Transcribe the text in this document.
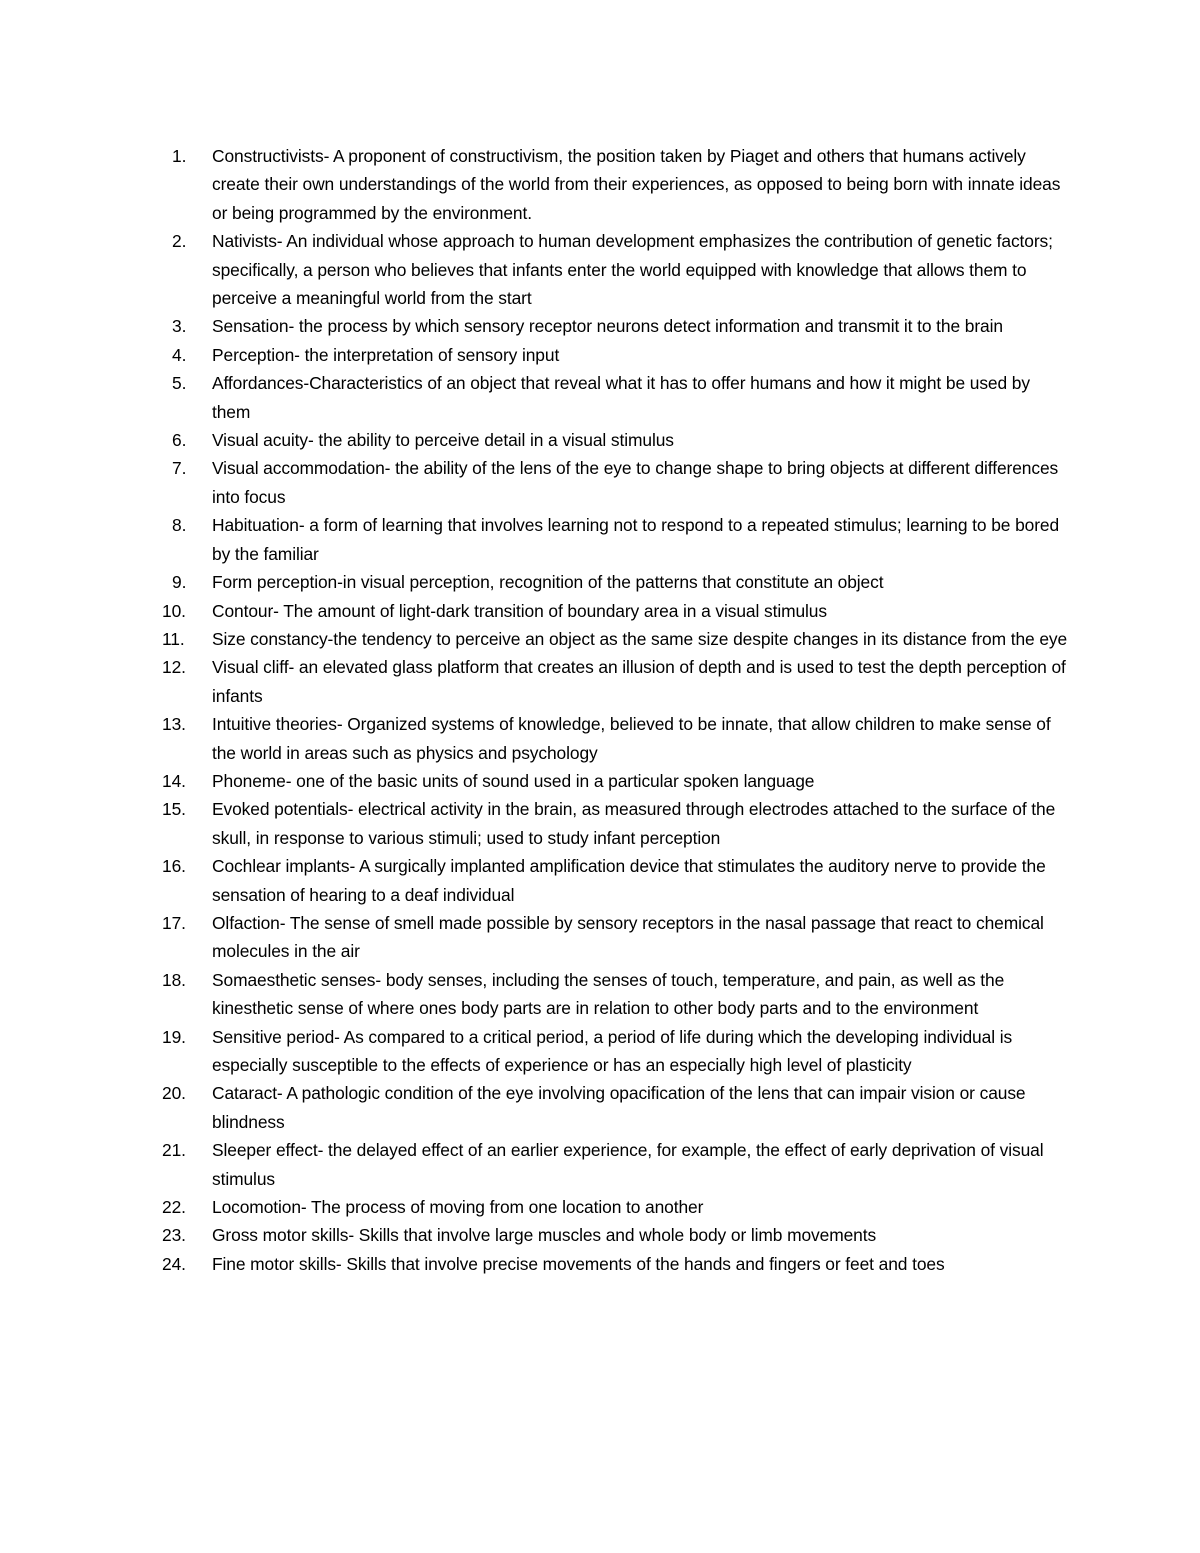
1. Constructivists- A proponent of constructivism, the position taken by Piaget and others that humans actively create their own understandings of the world from their experiences, as opposed to being born with innate ideas or being programmed by the environment.
2. Nativists- An individual whose approach to human development emphasizes the contribution of genetic factors; specifically, a person who believes that infants enter the world equipped with knowledge that allows them to perceive a meaningful world from the start
3. Sensation- the process by which sensory receptor neurons detect information and transmit it to the brain
4. Perception- the interpretation of sensory input
5. Affordances-Characteristics of an object that reveal what it has to offer humans and how it might be used by them
6. Visual acuity- the ability to perceive detail in a visual stimulus
7. Visual accommodation- the ability of the lens of the eye to change shape to bring objects at different differences into focus
8. Habituation- a form of learning that involves learning not to respond to a repeated stimulus; learning to be bored by the familiar
9. Form perception-in visual perception, recognition of the patterns that constitute an object
10. Contour- The amount of light-dark transition of boundary area in a visual stimulus
11. Size constancy-the tendency to perceive an object as the same size despite changes in its distance from the eye
12. Visual cliff- an elevated glass platform that creates an illusion of depth and is used to test the depth perception of infants
13. Intuitive theories- Organized systems of knowledge, believed to be innate, that allow children to make sense of the world in areas such as physics and psychology
14. Phoneme- one of the basic units of sound used in a particular spoken language
15. Evoked potentials- electrical activity in the brain, as measured through electrodes attached to the surface of the skull, in response to various stimuli; used to study infant perception
16. Cochlear implants- A surgically implanted amplification device that stimulates the auditory nerve to provide the sensation of hearing to a deaf individual
17. Olfaction- The sense of smell made possible by sensory receptors in the nasal passage that react to chemical molecules in the air
18. Somaesthetic senses- body senses, including the senses of touch, temperature, and pain, as well as the kinesthetic sense of where ones body parts are in relation to other body parts and to the environment
19. Sensitive period- As compared to a critical period, a period of life during which the developing individual is especially susceptible to the effects of experience or has an especially high level of plasticity
20. Cataract- A pathologic condition of the eye involving opacification of the lens that can impair vision or cause blindness
21. Sleeper effect- the delayed effect of an earlier experience, for example, the effect of early deprivation of visual stimulus
22. Locomotion- The process of moving from one location to another
23. Gross motor skills- Skills that involve large muscles and whole body or limb movements
24. Fine motor skills- Skills that involve precise movements of the hands and fingers or feet and toes
